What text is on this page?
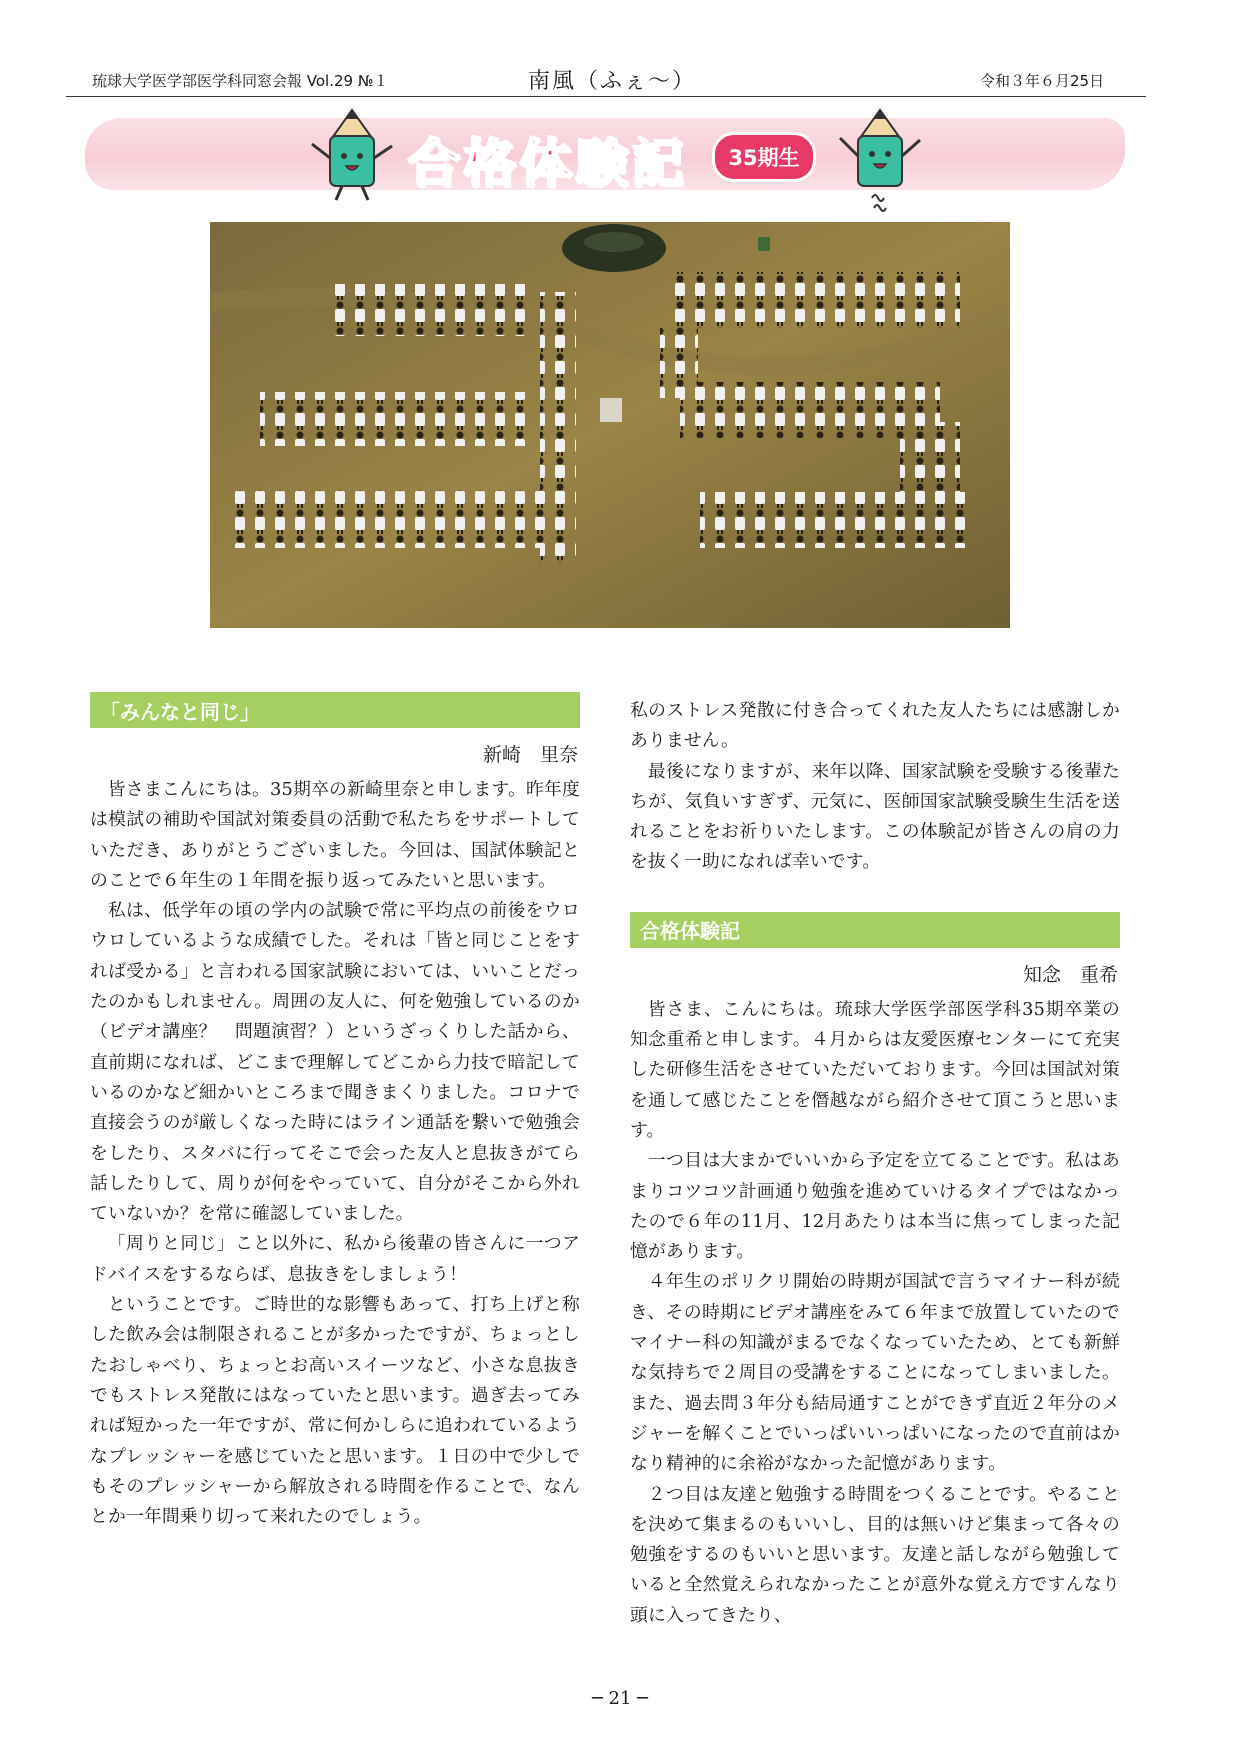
琉球大学医学部医学科同窓会報 Vol.29 №１	南風（ふぇ〜）	令和３年６月25日
合格体験記	35期生
「みんなと同じ」
新崎　里奈

皆さまこんにちは。35期卒の新崎里奈と申します。昨年度は模試の補助や国試対策委員の活動で私たちをサポートしていただき、ありがとうございました。今回は、国試体験記とのことで６年生の１年間を振り返ってみたいと思います。

私は、低学年の頃の学内の試験で常に平均点の前後をウロウロしているような成績でした。それは「皆と同じことをすれば受かる」と言われる国家試験においては、いいことだったのかもしれません。周囲の友人に、何を勉強しているのか（ビデオ講座？　問題演習？）というざっくりした話から、直前期になれば、どこまで理解してどこから力技で暗記しているのかなど細かいところまで聞きまくりました。コロナで直接会うのが厳しくなった時にはライン通話を繋いで勉強会をしたり、スタバに行ってそこで会った友人と息抜きがてら話したりして、周りが何をやっていて、自分がそこから外れていないか？を常に確認していました。

「周りと同じ」こと以外に、私から後輩の皆さんに一つアドバイスをするならば、息抜きをしましょう！

ということです。ご時世的な影響もあって、打ち上げと称した飲み会は制限されることが多かったですが、ちょっとしたおしゃべり、ちょっとお高いスイーツなど、小さな息抜きでもストレス発散にはなっていたと思います。過ぎ去ってみれば短かった一年ですが、常に何かしらに追われているようなプレッシャーを感じていたと思います。１日の中で少しでもそのプレッシャーから解放される時間を作ることで、なんとか一年間乗り切って来れたのでしょう。

私のストレス発散に付き合ってくれた友人たちには感謝しかありません。

最後になりますが、来年以降、国家試験を受験する後輩たちが、気負いすぎず、元気に、医師国家試験受験生生活を送れることをお祈りいたします。この体験記が皆さんの肩の力を抜く一助になれば幸いです。

合格体験記
知念　重希

皆さま、こんにちは。琉球大学医学部医学科35期卒業の知念重希と申します。４月からは友愛医療センターにて充実した研修生活をさせていただいております。今回は国試対策を通して感じたことを僭越ながら紹介させて頂こうと思います。

一つ目は大まかでいいから予定を立てることです。私はあまりコツコツ計画通り勉強を進めていけるタイプではなかったので６年の11月、12月あたりは本当に焦ってしまった記憶があります。

４年生のポリクリ開始の時期が国試で言うマイナー科が続き、その時期にビデオ講座をみて６年まで放置していたのでマイナー科の知識がまるでなくなっていたため、とても新鮮な気持ちで２周目の受講をすることになってしまいました。また、過去問３年分も結局通すことができず直近２年分のメジャーを解くことでいっぱいいっぱいになったので直前はかなり精神的に余裕がなかった記憶があります。

２つ目は友達と勉強する時間をつくることです。やることを決めて集まるのもいいし、目的は無いけど集まって各々の勉強をするのもいいと思います。友達と話しながら勉強していると全然覚えられなかったことが意外な覚え方ですんなり頭に入ってきたり、

─ 21 ─
